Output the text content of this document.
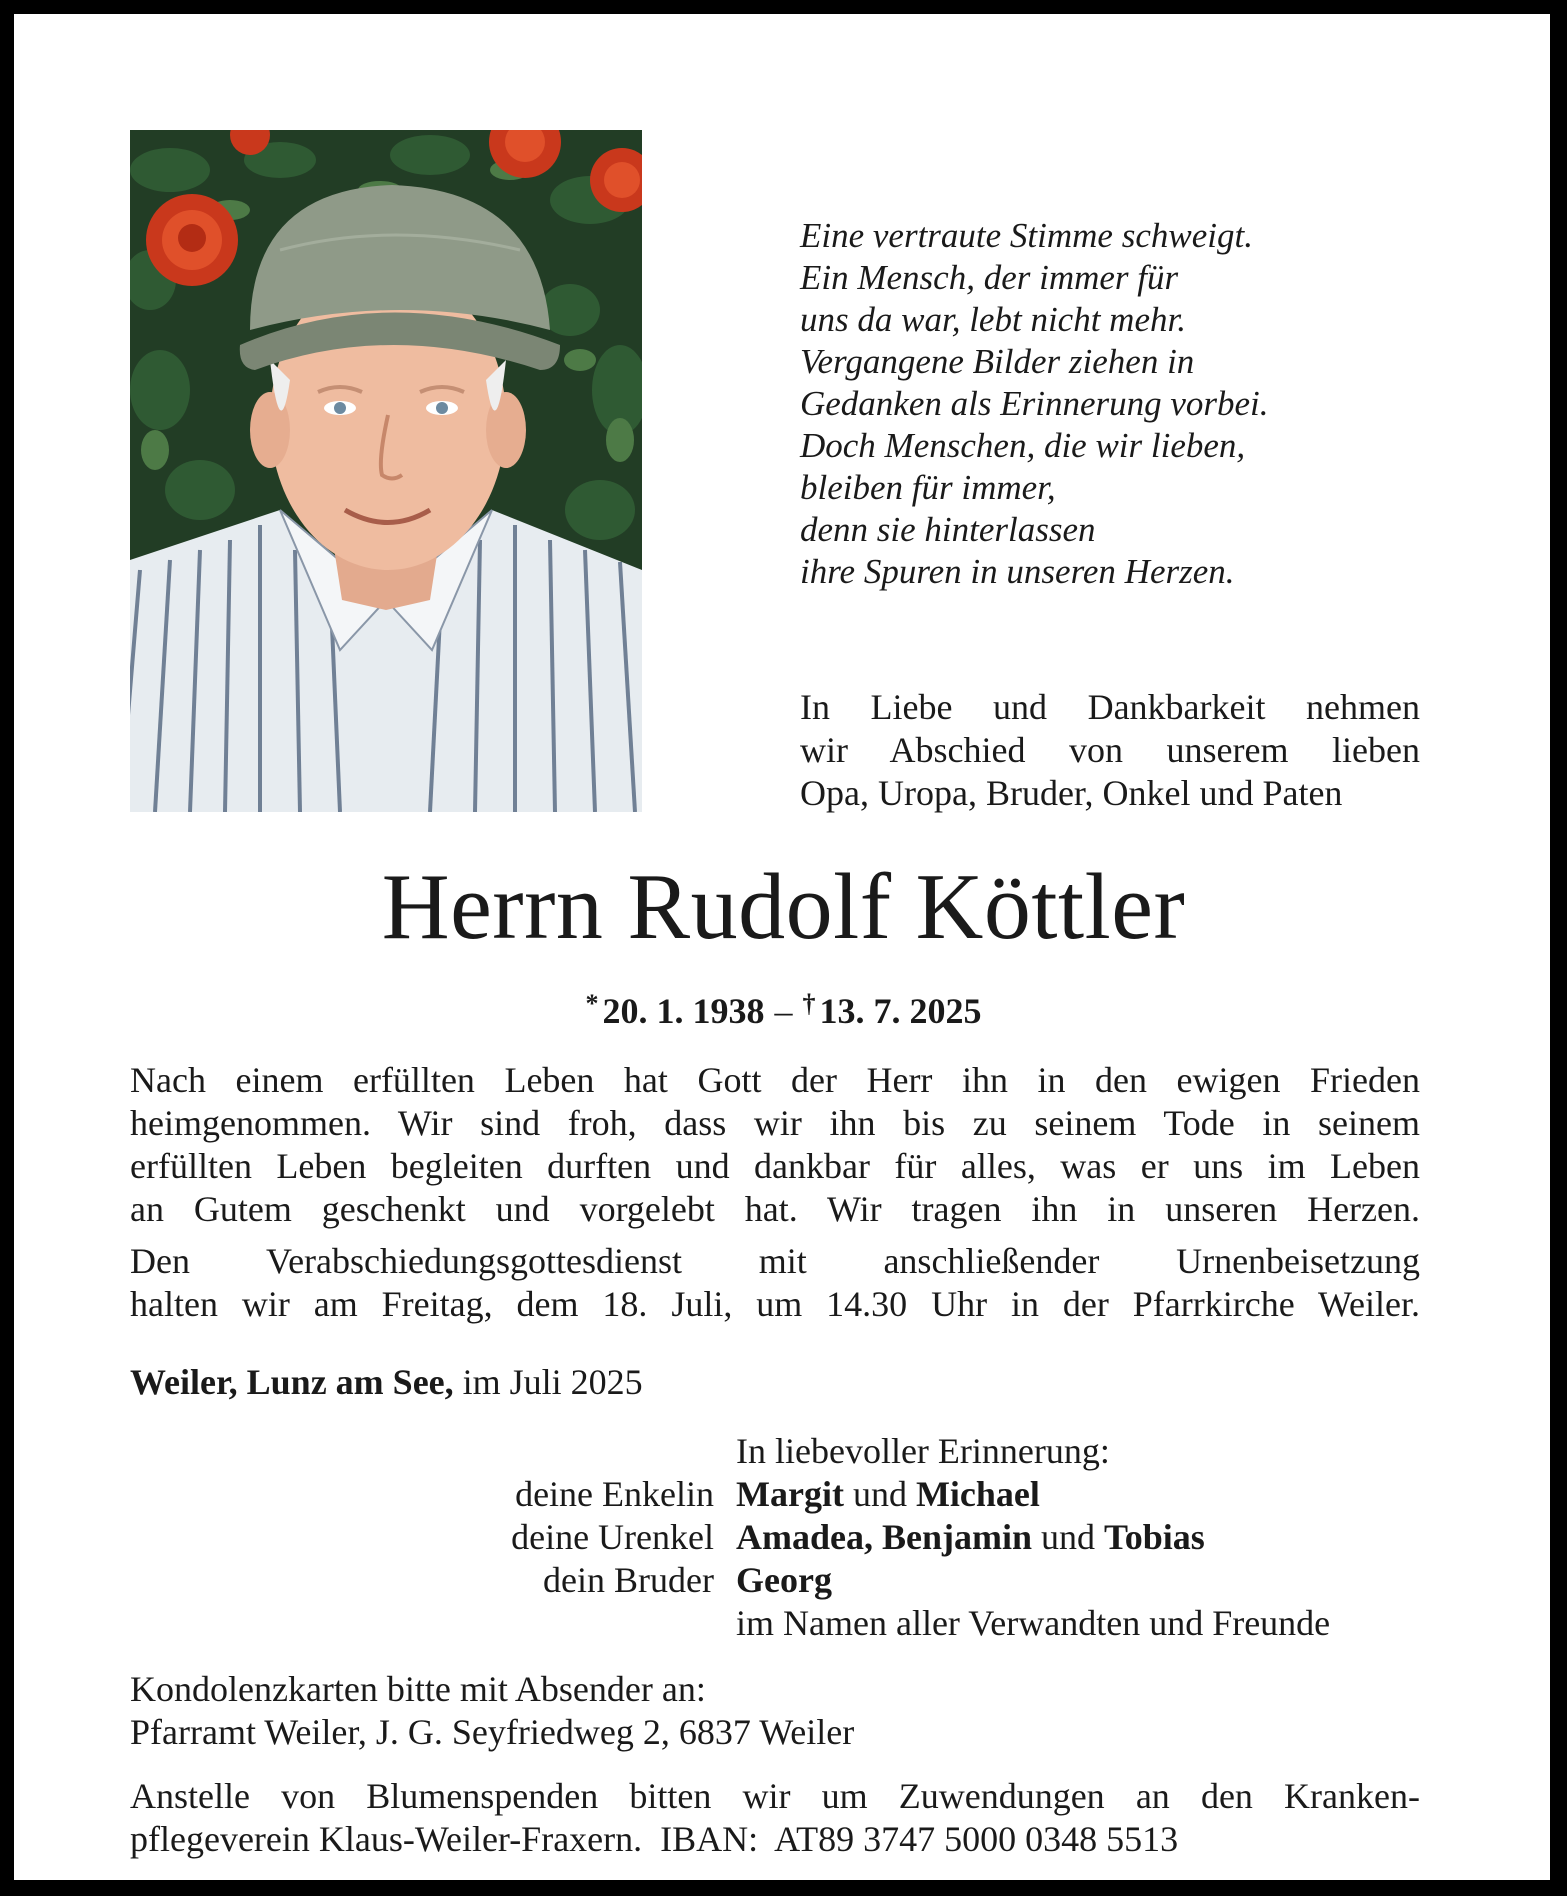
Eine vertraute Stimme schweigt.
Ein Mensch, der immer für
uns da war, lebt nicht mehr.
Vergangene Bilder ziehen in
Gedanken als Erinnerung vorbei.
Doch Menschen, die wir lieben,
bleiben für immer,
denn sie hinterlassen
ihre Spuren in unseren Herzen.
In Liebe und Dankbarkeit nehmen
wir Abschied von unserem lieben
Opa, Uropa, Bruder, Onkel und Paten
Herrn Rudolf Köttler
* 20. 1. 1938 – † 13. 7. 2025
Nach einem erfüllten Leben hat Gott der Herr ihn in den ewigen Frieden
heimgenommen. Wir sind froh, dass wir ihn bis zu seinem Tode in seinem
erfüllten Leben begleiten durften und dankbar für alles, was er uns im Leben
an Gutem geschenkt und vorgelebt hat. Wir tragen ihn in unseren Herzen.
Den Verabschiedungsgottesdienst mit anschließender Urnenbeisetzung
halten wir am Freitag, dem 18. Juli, um 14.30 Uhr in der Pfarrkirche Weiler.
Weiler, Lunz am See, im Juli 2025
In liebevoller Erinnerung:
deine Enkelin Margit und Michael
deine Urenkel Amadea, Benjamin und Tobias
dein Bruder Georg
im Namen aller Verwandten und Freunde
Kondolenzkarten bitte mit Absender an:
Pfarramt Weiler, J. G. Seyfriedweg 2, 6837 Weiler
Anstelle von Blumenspenden bitten wir um Zuwendungen an den Kranken-
pflegeverein Klaus-Weiler-Fraxern.  IBAN:  AT89 3747 5000 0348 5513
